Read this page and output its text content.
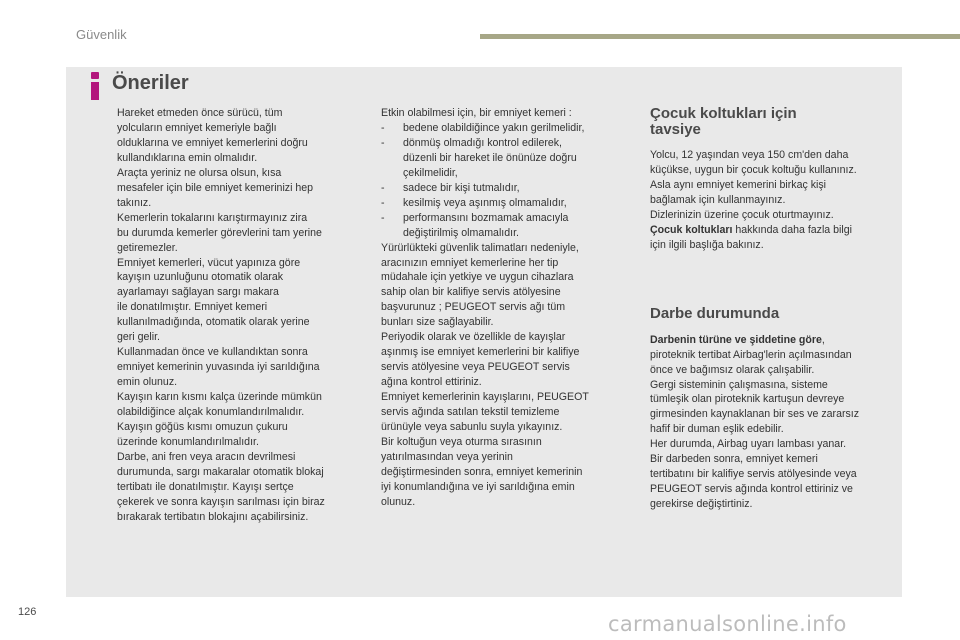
Güvenlik
Öneriler

Hareket etmeden önce sürücü, tüm
yolcuların emniyet kemeriyle bağlı
olduklarına ve emniyet kemerlerini doğru
kullandıklarına emin olmalıdır.
Araçta yeriniz ne olursa olsun, kısa
mesafeler için bile emniyet kemerinizi hep
takınız.
Kemerlerin tokalarını karıştırmayınız zira
bu durumda kemerler görevlerini tam yerine
getiremezler.
Emniyet kemerleri, vücut yapınıza göre
kayışın uzunluğunu otomatik olarak
ayarlamayı sağlayan sargı makara
ile donatılmıştır. Emniyet kemeri
kullanılmadığında, otomatik olarak yerine
geri gelir.
Kullanmadan önce ve kullandıktan sonra
emniyet kemerinin yuvasında iyi sarıldığına
emin olunuz.
Kayışın karın kısmı kalça üzerinde mümkün
olabildiğince alçak konumlandırılmalıdır.
Kayışın göğüs kısmı omuzun çukuru
üzerinde konumlandırılmalıdır.
Darbe, ani fren veya aracın devrilmesi
durumunda, sargı makaralar otomatik blokaj
tertibatı ile donatılmıştır. Kayışı sertçe
çekerek ve sonra kayışın sarılması için biraz
bırakarak tertibatın blokajını açabilirsiniz.

Etkin olabilmesi için, bir emniyet kemeri :

-	bedene olabildiğince yakın gerilmelidir,

-	dönmüş olmadığı kontrol edilerek,
düzenli bir hareket ile önünüze doğru
çekilmelidir,

-	sadece bir kişi tutmalıdır,

-	kesilmiş veya aşınmış olmamalıdır,

-	performansını bozmamak amacıyla
değiştirilmiş olmamalıdır.

Yürürlükteki güvenlik talimatları nedeniyle,
aracınızın emniyet kemerlerine her tip
müdahale için yetkiye ve uygun cihazlara
sahip olan bir kalifiye servis atölyesine
başvurunuz ; PEUGEOT servis ağı tüm
bunları size sağlayabilir.
Periyodik olarak ve özellikle de kayışlar
aşınmış ise emniyet kemerlerini bir kalifiye
servis atölyesine veya PEUGEOT servis
ağına kontrol ettiriniz.
Emniyet kemerlerinin kayışlarını, PEUGEOT
servis ağında satılan tekstil temizleme
ürünüyle veya sabunlu suyla yıkayınız.
Bir koltuğun veya oturma sırasının
yatırılmasından veya yerinin
değiştirmesinden sonra, emniyet kemerinin
iyi konumlandığına ve iyi sarıldığına emin
olunuz.

Çocuk koltukları için
tavsiye

Yolcu, 12 yaşından veya 150 cm'den daha
küçükse, uygun bir çocuk koltuğu kullanınız.
Asla aynı emniyet kemerini birkaç kişi
bağlamak için kullanmayınız.
Dizlerinizin üzerine çocuk oturtmayınız.

Çocuk koltukları hakkında daha fazla bilgi
için ilgili başlığa bakınız.

Darbe durumunda

Darbenin türüne ve şiddetine göre,
piroteknik tertibat Airbag'lerin açılmasından
önce ve bağımsız olarak çalışabilir.
Gergi sisteminin çalışmasına, sisteme
tümleşik olan piroteknik kartuşun devreye
girmesinden kaynaklanan bir ses ve zararsız
hafif bir duman eşlik edebilir.
Her durumda, Airbag uyarı lambası yanar.
Bir darbeden sonra, emniyet kemeri
tertibatını bir kalifiye servis atölyesinde veya
PEUGEOT servis ağında kontrol ettiriniz ve
gerekirse değiştirtiniz.

126	carmanualsonline.info
